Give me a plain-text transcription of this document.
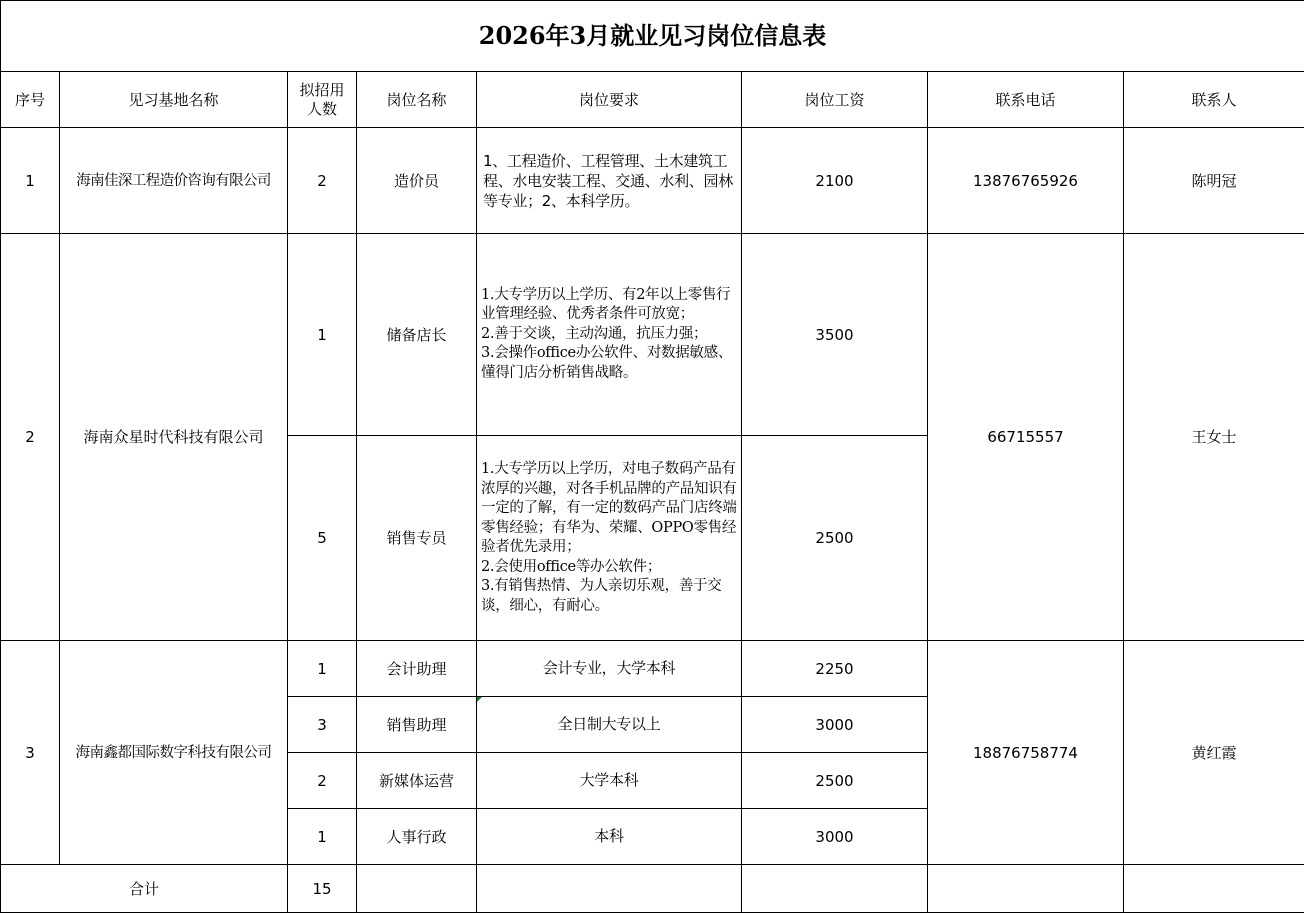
2026年3月就业见习岗位信息表							
序号	见习基地名称	拟招用人数	岗位名称	岗位要求	岗位工资	联系电话	联系人
1	海南佳深工程造价咨询有限公司	2	造价员	1、工程造价、工程管理、土木建筑工程、水电安装工程、交通、水利、园林等专业；2、本科学历。	2100	13876765926	陈明冠
2	海南众星时代科技有限公司	1	储备店长	1.大专学历以上学历、有2年以上零售行业管理经验、优秀者条件可放宽；
2.善于交谈，主动沟通，抗压力强；
3.会操作office办公软件、对数据敏感、懂得门店分析销售战略。	3500	66715557	王女士
		5	销售专员	1.大专学历以上学历，对电子数码产品有浓厚的兴趣，对各手机品牌的产品知识有一定的了解，有一定的数码产品门店终端零售经验；有华为、荣耀、OPPO零售经验者优先录用；
2.会使用office等办公软件；
3.有销售热情、为人亲切乐观，善于交谈，细心，有耐心。	2500		
3	海南鑫都国际数字科技有限公司	1	会计助理	会计专业，大学本科	2250	18876758774	黄红霞
		3	销售助理	全日制大专以上	3000		
		2	新媒体运营	大学本科	2500		
		1	人事行政	本科	3000		
合计		15					
